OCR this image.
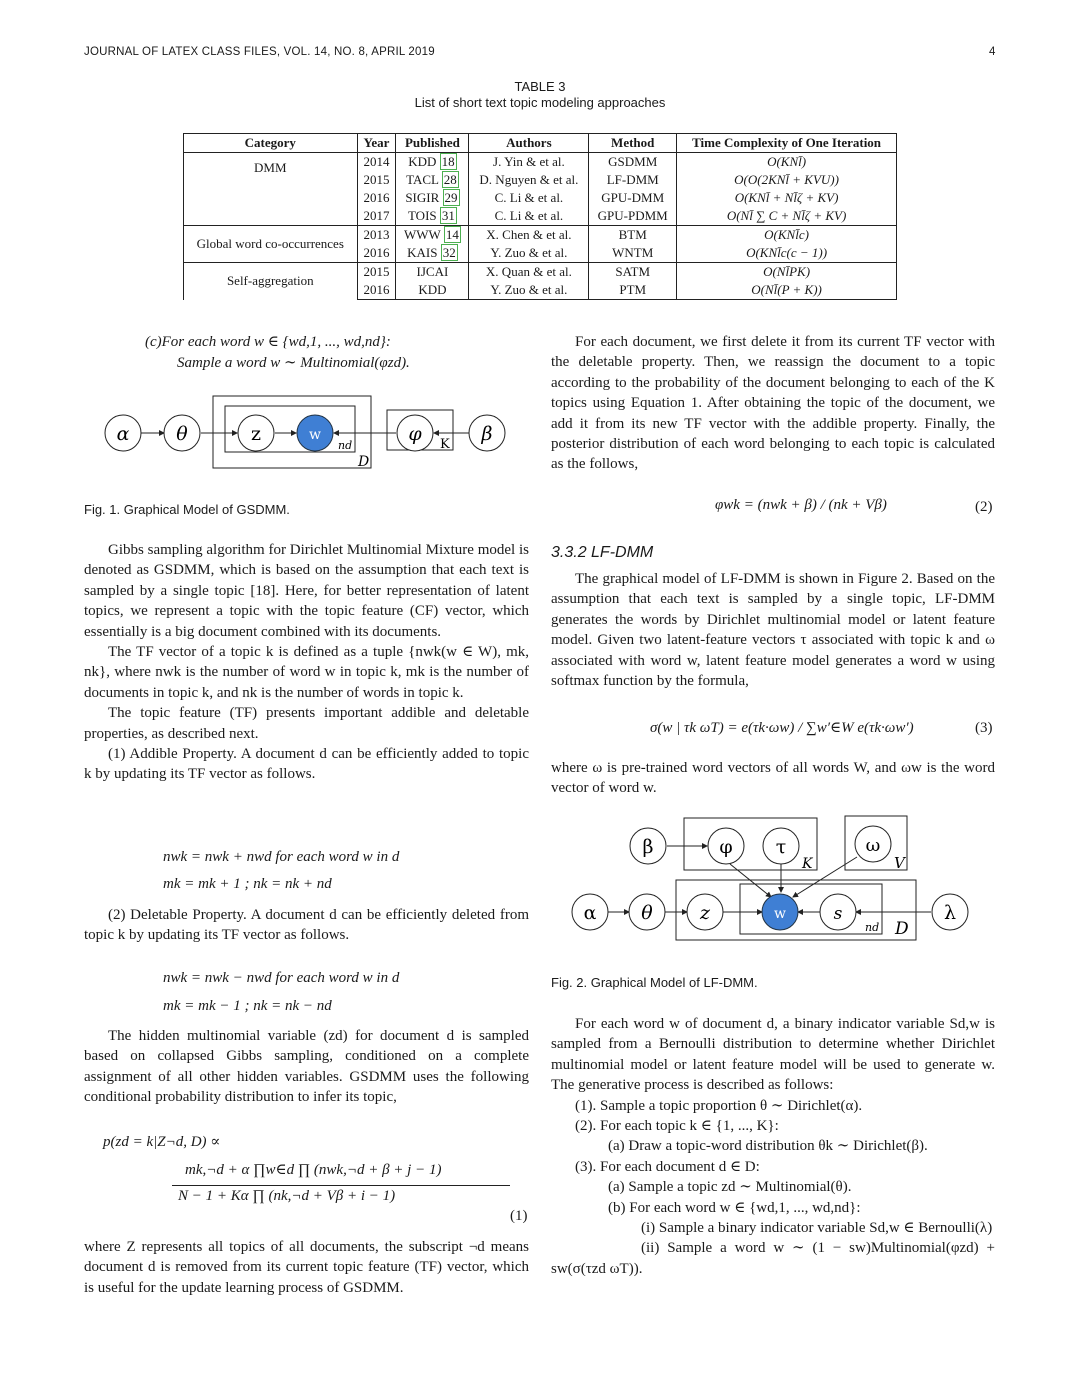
JOURNAL OF LATEX CLASS FILES, VOL. 14, NO. 8, APRIL 2019	4
TABLE 3
List of short text topic modeling approaches
Category	Year	Published	Authors	Method	Time Complexity of One Iteration
DMM	2014	KDD 18	J. Yin & et al.	GSDMM	O(KNl̄)
	2015	TACL 28	D. Nguyen & et al.	LF-DMM	O(O(2KNl̄ + KVU))
	2016	SIGIR 29	C. Li & et al.	GPU-DMM	O(KNl̄ + Nl̄ζ + KV)
	2017	TOIS 31	C. Li & et al.	GPU-PDMM	O(Nl̄ ∑ C + Nl̄ζ + KV)
Global word co-occurrences	2013	WWW 14	X. Chen & et al.	BTM	O(KNl̄c)
	2016	KAIS 32	Y. Zuo & et al.	WNTM	O(KNl̄c(c − 1))
Self-aggregation	2015	IJCAI	X. Quan & et al.	SATM	O(Nl̄PK)
	2016	KDD	Y. Zuo & et al.	PTM	O(Nl̄(P + K))
(c)For each word w ∈ {wd,1, ..., wd,nd}:
Sample a word w ∼ Multinomial(φzd).
α θ	z	w	φ	β
nd
D
K
Fig. 1. Graphical Model of GSDMM.

Gibbs sampling algorithm for Dirichlet Multinomial Mixture model is denoted as GSDMM, which is based on the assumption that each text is sampled by a single topic [18]. Here, for better representation of latent topics, we represent a topic with the topic feature (CF) vector, which essentially is a big document combined with its documents.

The TF vector of a topic k is defined as a tuple {nwk(w ∈ W), mk, nk}, where nwk is the number of word w in topic k, mk is the number of documents in topic k, and nk is the number of words in topic k.

The topic feature (TF) presents important addible and deletable properties, as described next.

(1) Addible Property. A document d can be efficiently added to topic k by updating its TF vector as follows.

nwk = nwk + nwd for each word w in d
mk = mk + 1 ; nk = nk + nd

(2) Deletable Property. A document d can be efficiently deleted from topic k by updating its TF vector as follows.

nwk = nwk − nwd for each word w in d
mk = mk − 1 ; nk = nk − nd

The hidden multinomial variable (zd) for document d is sampled based on collapsed Gibbs sampling, conditioned on a complete assignment of all other hidden variables. GSDMM uses the following conditional probability distribution to infer its topic,

p(zd = k|Z¬d, D) ∝
mk,¬d + α ∏w∈d ∏ (nwk,¬d + β + j − 1)
N − 1 + Kα ∏ (nk,¬d + Vβ + i − 1)
(1)

where Z represents all topics of all documents, the subscript ¬d means document d is removed from its current topic feature (TF) vector, which is useful for the update learning process of GSDMM.

For each document, we first delete it from its current TF vector with the deletable property. Then, we reassign the document to a topic according to the probability of the document belonging to each of the K topics using Equation 1. After obtaining the topic of the document, we add it from its new TF vector with the addible property. Finally, the posterior distribution of each word belonging to each topic is calculated as the follows,

φwk = (nwk + β) / (nk + Vβ)	(2)
3.3.2 LF-DMM

The graphical model of LF-DMM is shown in Figure 2. Based on the assumption that each text is sampled by a single topic, LF-DMM generates the words by Dirichlet multinomial model or latent feature model. Given two latent-feature vectors τ associated with topic k and ω associated with word w, latent feature model generates a word w using softmax function by the formula,

σ(w | τk ωT) = e(τk·ωw) / ∑w′∈W e(τk·ωw′)	(3)

where ω is pre-trained word vectors of all words W, and ωw is the word vector of word w.

β	φ τ	ω
α θ z	w	s	λ
K	V
nd D
Fig. 2. Graphical Model of LF-DMM.

For each word w of document d, a binary indicator variable Sd,w is sampled from a Bernoulli distribution to determine whether Dirichlet multinomial model or latent feature model will be used to generate w. The generative process is described as follows:

(1). Sample a topic proportion θ ∼ Dirichlet(α).

(2). For each topic k ∈ {1, ..., K}:

(a) Draw a topic-word distribution θk ∼ Dirichlet(β).

(3). For each document d ∈ D:

(a) Sample a topic zd ∼ Multinomial(θ).

(b) For each word w ∈ {wd,1, ..., wd,nd}:

(i) Sample a binary indicator variable Sd,w ∈ Bernoulli(λ)

(ii) Sample a word w ∼ (1 − sw)Multinomial(φzd) + sw(σ(τzd ωT)).
